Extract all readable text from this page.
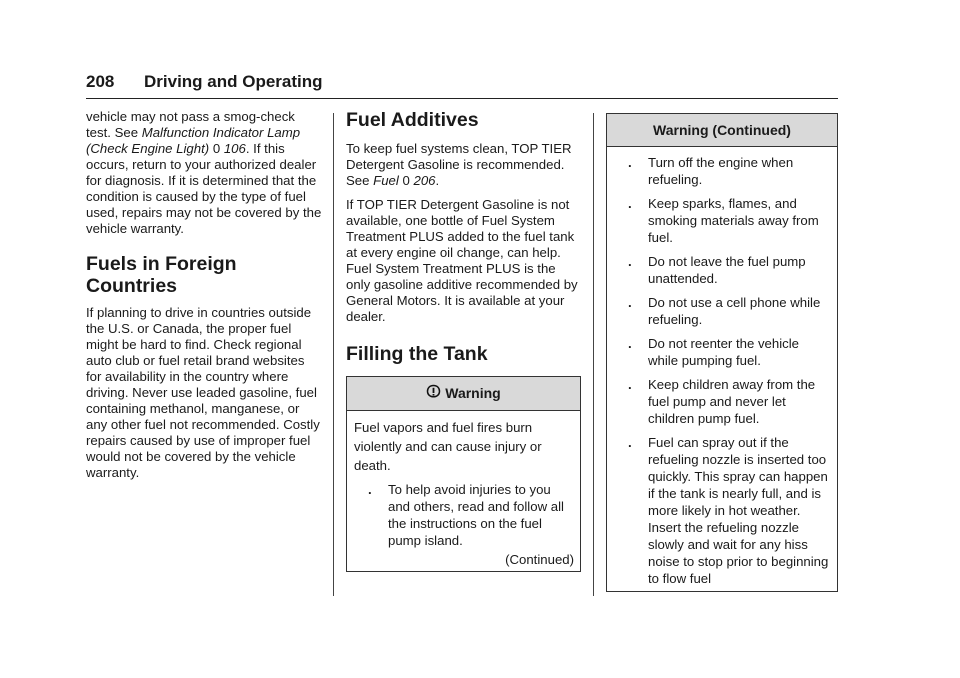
208 Driving and Operating

vehicle may not pass a smog-check test. See Malfunction Indicator Lamp (Check Engine Light) 0 106. If this occurs, return to your authorized dealer for diagnosis. If it is determined that the condition is caused by the type of fuel used, repairs may not be covered by the vehicle warranty.

Fuels in Foreign Countries

If planning to drive in countries outside the U.S. or Canada, the proper fuel might be hard to find. Check regional auto club or fuel retail brand websites for availability in the country where driving. Never use leaded gasoline, fuel containing methanol, manganese, or any other fuel not recommended. Costly repairs caused by use of improper fuel would not be covered by the vehicle warranty.

Fuel Additives

To keep fuel systems clean, TOP TIER Detergent Gasoline is recommended. See Fuel 0 206.

If TOP TIER Detergent Gasoline is not available, one bottle of Fuel System Treatment PLUS added to the fuel tank at every engine oil change, can help. Fuel System Treatment PLUS is the only gasoline additive recommended by General Motors. It is available at your dealer.

Filling the Tank
Warning
Fuel vapors and fuel fires burn violently and can cause injury or death.
. To help avoid injuries to you and others, read and follow all the instructions on the fuel pump island.
(Continued)
Warning (Continued)
. Turn off the engine when refueling.
. Keep sparks, flames, and smoking materials away from fuel.
. Do not leave the fuel pump unattended.
. Do not use a cell phone while refueling.
. Do not reenter the vehicle while pumping fuel.
. Keep children away from the fuel pump and never let children pump fuel.
. Fuel can spray out if the refueling nozzle is inserted too quickly. This spray can happen if the tank is nearly full, and is more likely in hot weather. Insert the refueling nozzle slowly and wait for any hiss noise to stop prior to beginning to flow fuel
